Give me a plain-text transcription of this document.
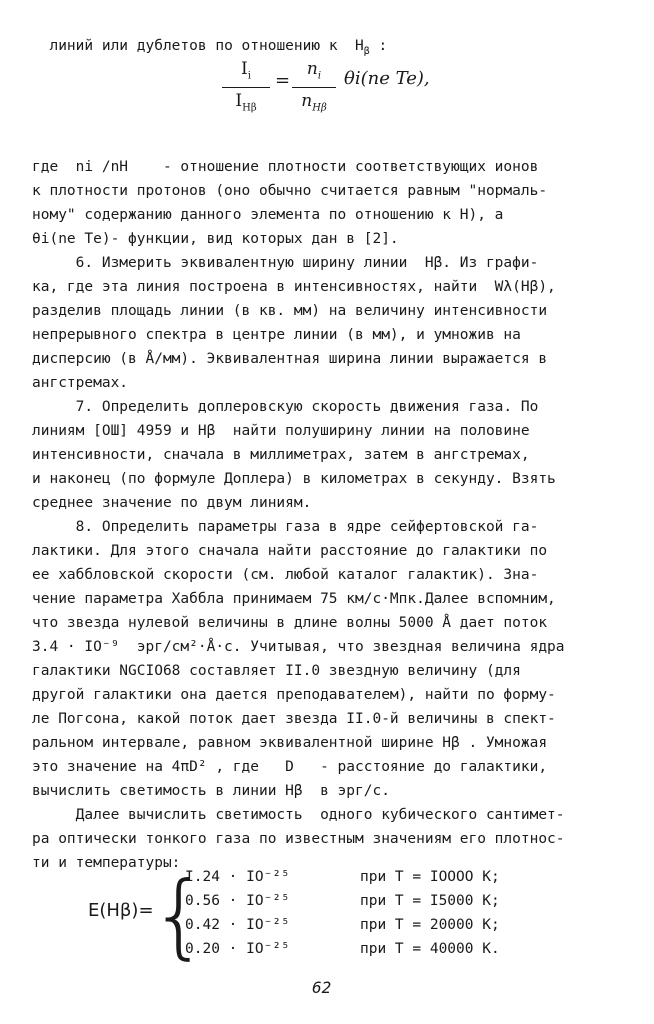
линий или дублетов по отношению к  $H_\beta$ :

$I_i$
$I_{H\beta}$
=
$n_i$
$n_{H\beta}$
θi(ne Te),
где  ni /nH    - отношение плотности соответствующих ионов
к плотности протонов (оно обычно считается равным "нормаль-
ному" содержанию данного элемента по отношению к Н), а
θi(ne Te)- функции, вид которых дан в [2].
6. Измерить эквивалентную ширину линии  Hβ. Из графи-
ка, где эта линия построена в интенсивностях, найти  Wλ(Hβ),
разделив площадь линии (в кв. мм) на величину интенсивности
непрерывного спектра в центре линии (в мм), и умножив на
дисперсию (в Å/мм). Эквивалентная ширина линии выражается в
ангстремах.
7. Определить доплеровскую скорость движения газа. По
линиям [ОШ] 4959 и Hβ  найти полуширину линии на половине
интенсивности, сначала в миллиметрах, затем в ангстремах,
и наконец (по формуле Доплера) в километрах в секунду. Взять
среднее значение по двум линиям.
8. Определить параметры газа в ядре сейфертовской га-
лактики. Для этого сначала найти расстояние до галактики по
ее хаббловской скорости (см. любой каталог галактик). Зна-
чение параметра Хаббла принимаем 75 км/с·Мпк.Далее вспомним,
что звезда нулевой величины в длине волны 5000 Å дает поток
3.4 · IO⁻⁹  эрг/см²·Å·с. Учитывая, что звездная величина ядра
галактики NGCIO68 составляет II.0 звездную величину (для
другой галактики она дается преподавателем), найти по форму-
ле Погсона, какой поток дает звезда II.0-й величины в спект-
ральном интервале, равном эквивалентной ширине Hβ . Умножая
это значение на 4πD² , где   D   - расстояние до галактики,
вычислить светимость в линии Hβ  в эрг/с.
Далее вычислить светимость  одного кубического сантимет-
ра оптически тонкого газа по известным значениям его плотнос-
ти и температуры:
E(Hβ)=
{
I.24 · IO⁻²⁵	при T = IOOOO K;
0.56 · IO⁻²⁵	при T = I5000 K;
0.42 · IO⁻²⁵	при T = 20000 K;
0.20 · IO⁻²⁵	при T = 40000 K.
62
